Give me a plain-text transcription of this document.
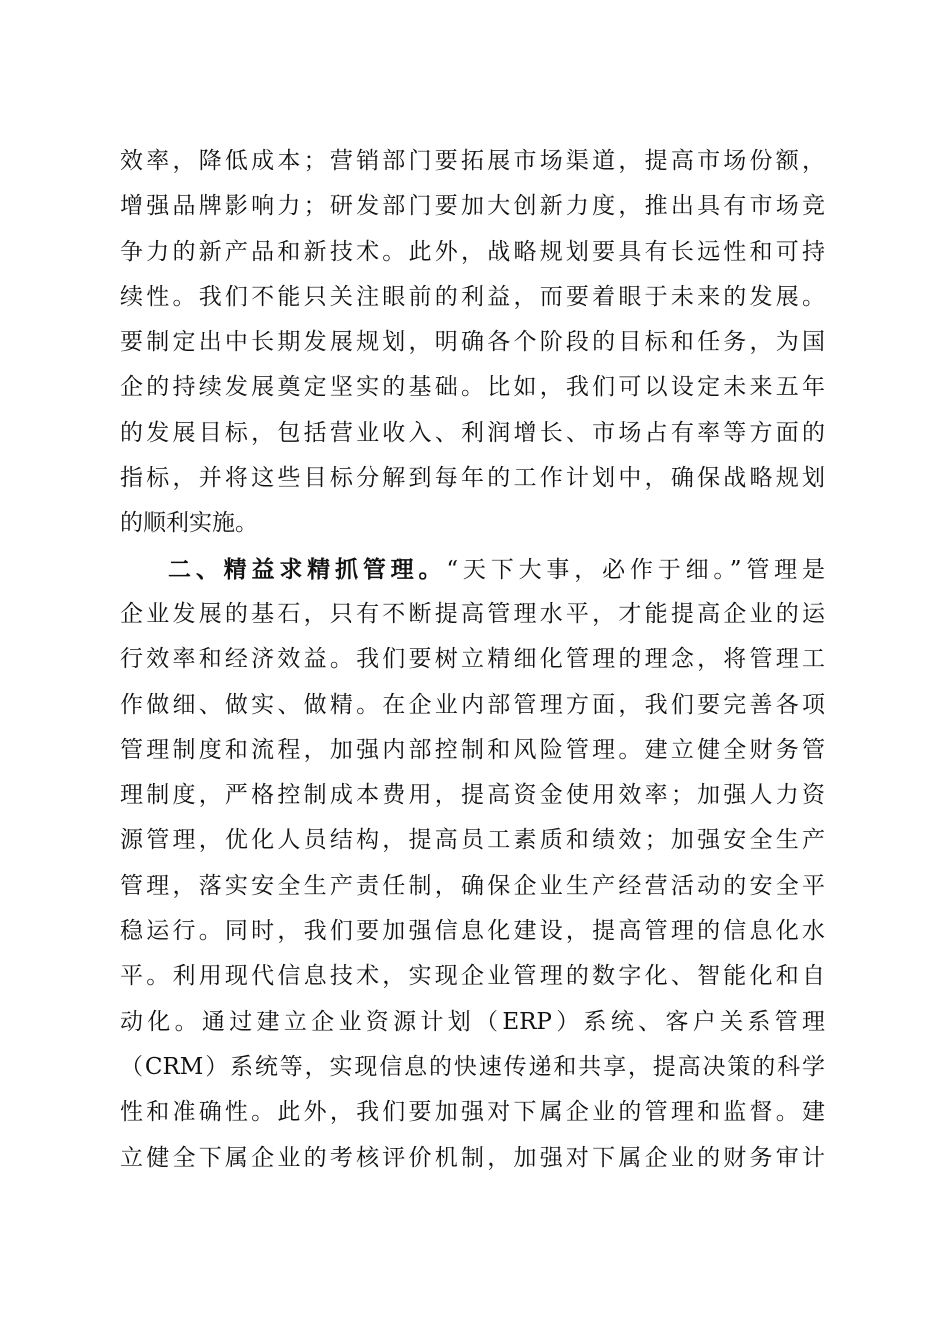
效率，降低成本；营销部门要拓展市场渠道，提高市场份额，
增强品牌影响力；研发部门要加大创新力度，推出具有市场竞
争力的新产品和新技术。此外，战略规划要具有长远性和可持
续性。我们不能只关注眼前的利益，而要着眼于未来的发展。
要制定出中长期发展规划，明确各个阶段的目标和任务，为国
企的持续发展奠定坚实的基础。比如，我们可以设定未来五年
的发展目标，包括营业收入、利润增长、市场占有率等方面的
指标，并将这些目标分解到每年的工作计划中，确保战略规划
的顺利实施。
二、精益求精抓管理。“天下大事，必作于细。”管理是
企业发展的基石，只有不断提高管理水平，才能提高企业的运
行效率和经济效益。我们要树立精细化管理的理念，将管理工
作做细、做实、做精。在企业内部管理方面，我们要完善各项
管理制度和流程，加强内部控制和风险管理。建立健全财务管
理制度，严格控制成本费用，提高资金使用效率；加强人力资
源管理，优化人员结构，提高员工素质和绩效；加强安全生产
管理，落实安全生产责任制，确保企业生产经营活动的安全平
稳运行。同时，我们要加强信息化建设，提高管理的信息化水
平。利用现代信息技术，实现企业管理的数字化、智能化和自
动化。通过建立企业资源计划（ERP）系统、客户关系管理
（CRM）系统等，实现信息的快速传递和共享，提高决策的科学
性和准确性。此外，我们要加强对下属企业的管理和监督。建
立健全下属企业的考核评价机制，加强对下属企业的财务审计
